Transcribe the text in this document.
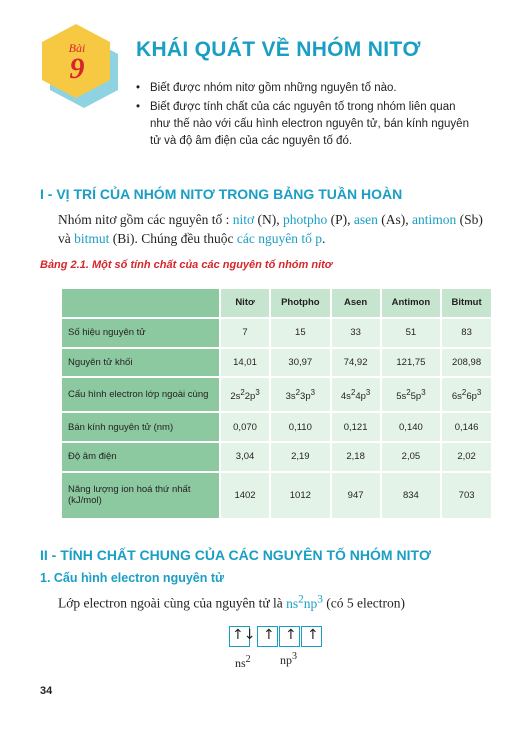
Bài
9
KHÁI QUÁT VỀ NHÓM NITƠ
• Biết được nhóm nitơ gồm những nguyên tố nào.
• Biết được tính chất của các nguyên tố trong nhóm liên quan như thế nào với cấu hình electron nguyên tử, bán kính nguyên tử và độ âm điện của các nguyên tố đó.
I - VỊ TRÍ CỦA NHÓM NITƠ TRONG BẢNG TUẦN HOÀN

Nhóm nitơ gồm các nguyên tố : nitơ (N), photpho (P), asen (As), antimon (Sb) và bitmut (Bi). Chúng đều thuộc các nguyên tố p.

Bảng 2.1. Một số tính chất của các nguyên tố nhóm nitơ

	Nitơ	Photpho	Asen	Antimon	Bitmut
Số hiệu nguyên tử	7	15	33	51	83
Nguyên tử khối	14,01	30,97	74,92	121,75	208,98
Cấu hình electron lớp ngoài cùng	$2s^22p^3$	$3s^23p^3$	$4s^24p^3$	$5s^25p^3$	$6s^26p^3$
Bán kính nguyên tử (nm)	0,070	0,110	0,121	0,140	0,146
Độ âm điện	3,04	2,19	2,18	2,05	2,02
Năng lượng ion hoá thứ nhất (kJ/mol)	1402	1012	947	834	703
II - TÍNH CHẤT CHUNG CỦA CÁC NGUYÊN TỐ NHÓM NITƠ
1. Cấu hình electron nguyên tử

Lớp electron ngoài cùng của nguyên tử là $ns^2np^3$ (có 5 electron)

↑↓ ↑ ↑ ↑

$ns^2$ $np^3$

34
